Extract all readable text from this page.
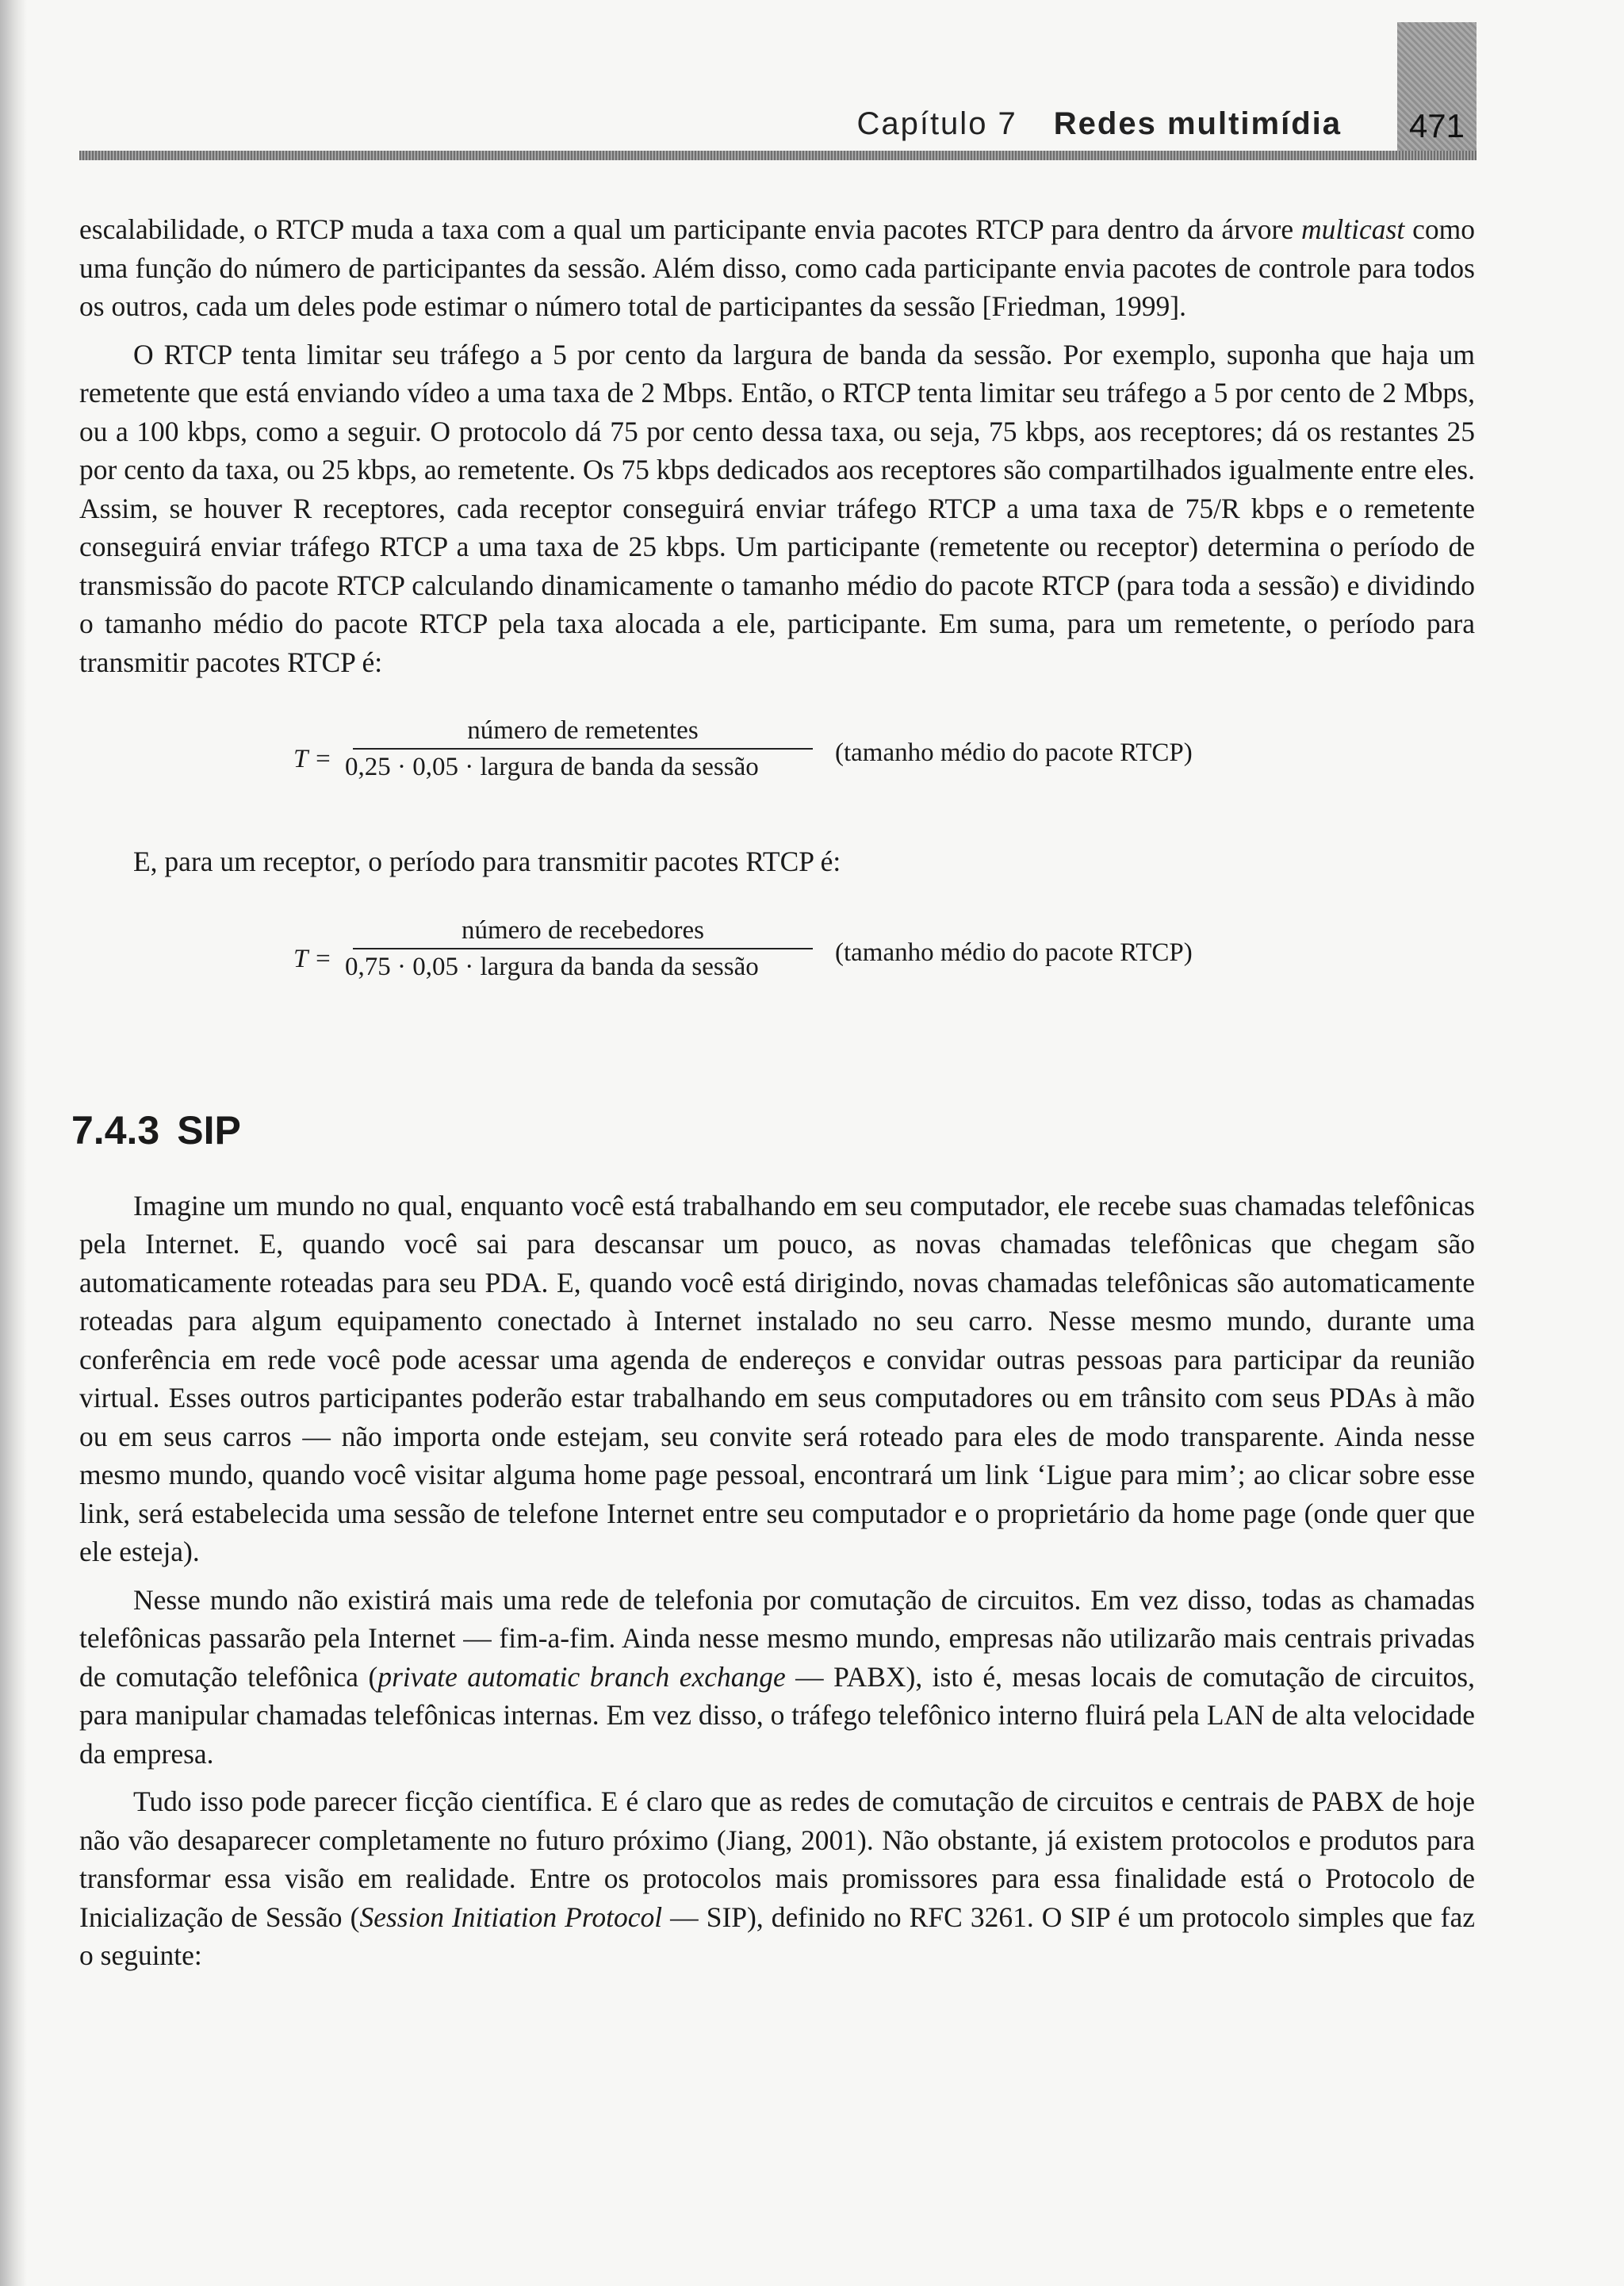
471
Capítulo 7 Redes multimídia

escalabilidade, o RTCP muda a taxa com a qual um participante envia pacotes RTCP para dentro da árvore multicast como uma função do número de participantes da sessão. Além disso, como cada participante envia pacotes de controle para todos os outros, cada um deles pode estimar o número total de participantes da sessão [Friedman, 1999].

O RTCP tenta limitar seu tráfego a 5 por cento da largura de banda da sessão. Por exemplo, suponha que haja um remetente que está enviando vídeo a uma taxa de 2 Mbps. Então, o RTCP tenta limitar seu tráfego a 5 por cento de 2 Mbps, ou a 100 kbps, como a seguir. O protocolo dá 75 por cento dessa taxa, ou seja, 75 kbps, aos receptores; dá os restantes 25 por cento da taxa, ou 25 kbps, ao remetente. Os 75 kbps dedicados aos receptores são compartilhados igualmente entre eles. Assim, se houver R receptores, cada receptor conseguirá enviar tráfego RTCP a uma taxa de 75/R kbps e o remetente conseguirá enviar tráfego RTCP a uma taxa de 25 kbps. Um participante (remetente ou receptor) determina o período de transmissão do pacote RTCP calculando dinamicamente o tamanho médio do pacote RTCP (para toda a sessão) e dividindo o tamanho médio do pacote RTCP pela taxa alocada a ele, participante. Em suma, para um remetente, o período para transmitir pacotes RTCP é:

T =
número de remetentes
0,25 · 0,05 · largura de banda da sessão	(tamanho médio do pacote RTCP)

E, para um receptor, o período para transmitir pacotes RTCP é:

T =
número de recebedores
0,75 · 0,05 · largura da banda da sessão	(tamanho médio do pacote RTCP)
7.4.3 SIP

Imagine um mundo no qual, enquanto você está trabalhando em seu computador, ele recebe suas chamadas telefônicas pela Internet. E, quando você sai para descansar um pouco, as novas chamadas telefônicas que chegam são automaticamente roteadas para seu PDA. E, quando você está dirigindo, novas chamadas telefônicas são automaticamente roteadas para algum equipamento conectado à Internet instalado no seu carro. Nesse mesmo mundo, durante uma conferência em rede você pode acessar uma agenda de endereços e convidar outras pessoas para participar da reunião virtual. Esses outros participantes poderão estar trabalhando em seus computadores ou em trânsito com seus PDAs à mão ou em seus carros — não importa onde estejam, seu convite será roteado para eles de modo transparente. Ainda nesse mesmo mundo, quando você visitar alguma home page pessoal, encontrará um link ‘Ligue para mim’; ao clicar sobre esse link, será estabelecida uma sessão de telefone Internet entre seu computador e o proprietário da home page (onde quer que ele esteja).

Nesse mundo não existirá mais uma rede de telefonia por comutação de circuitos. Em vez disso, todas as chamadas telefônicas passarão pela Internet — fim-a-fim. Ainda nesse mesmo mundo, empresas não utilizarão mais centrais privadas de comutação telefônica (private automatic branch exchange — PABX), isto é, mesas locais de comutação de circuitos, para manipular chamadas telefônicas internas. Em vez disso, o tráfego telefônico interno fluirá pela LAN de alta velocidade da empresa.

Tudo isso pode parecer ficção científica. E é claro que as redes de comutação de circuitos e centrais de PABX de hoje não vão desaparecer completamente no futuro próximo (Jiang, 2001). Não obstante, já existem protocolos e produtos para transformar essa visão em realidade. Entre os protocolos mais promissores para essa finalidade está o Protocolo de Inicialização de Sessão (Session Initiation Protocol — SIP), definido no RFC 3261. O SIP é um protocolo simples que faz o seguinte:
